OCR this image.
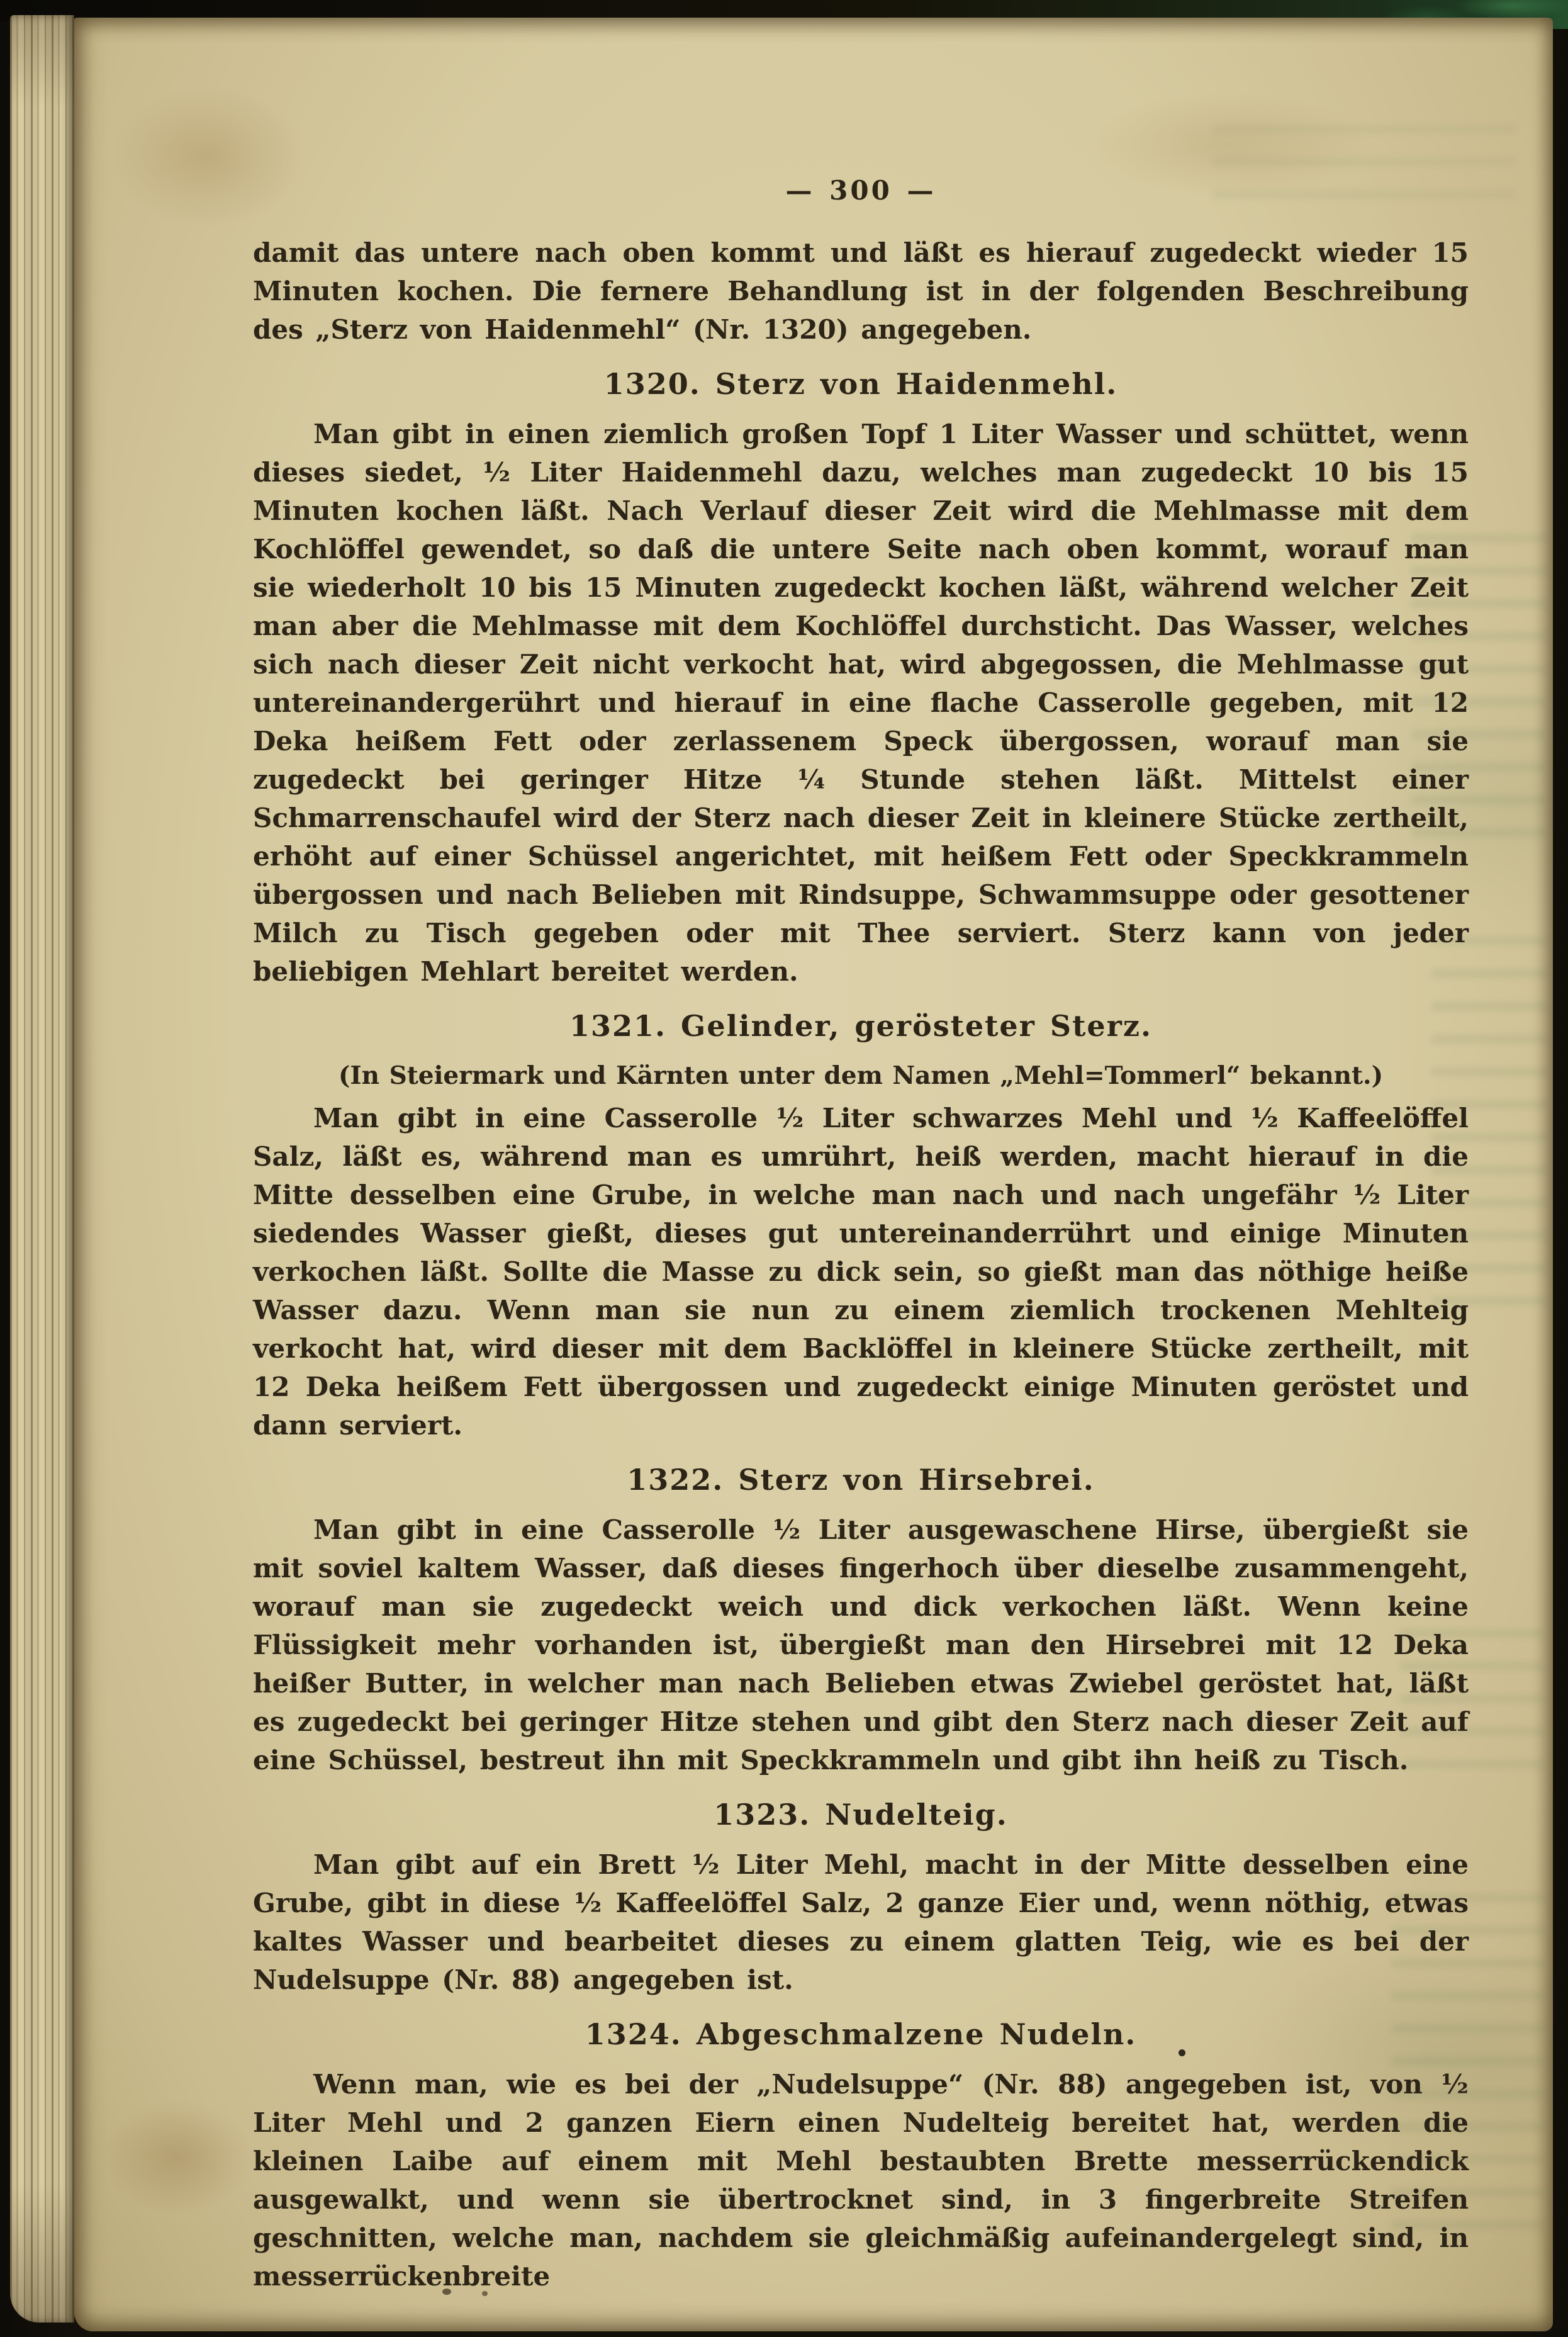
— 300 —

damit das untere nach oben kommt und läßt es hierauf zugedeckt wieder 15 Minuten kochen. Die fernere Behandlung ist in der folgenden Beschreibung des „Sterz von Haidenmehl“ (Nr. 1320) angegeben.

1320. Sterz von Haidenmehl.

Man gibt in einen ziemlich großen Topf 1 Liter Wasser und schüttet, wenn dieses siedet, ½ Liter Haidenmehl dazu, welches man zugedeckt 10 bis 15 Minuten kochen läßt. Nach Verlauf dieser Zeit wird die Mehlmasse mit dem Kochlöffel gewendet, so daß die untere Seite nach oben kommt, worauf man sie wiederholt 10 bis 15 Minuten zugedeckt kochen läßt, während welcher Zeit man aber die Mehlmasse mit dem Kochlöffel durchsticht. Das Wasser, welches sich nach dieser Zeit nicht verkocht hat, wird abgegossen, die Mehlmasse gut untereinandergerührt und hierauf in eine flache Casserolle gegeben, mit 12 Deka heißem Fett oder zerlassenem Speck übergossen, worauf man sie zugedeckt bei geringer Hitze ¼ Stunde stehen läßt. Mittelst einer Schmarrenschaufel wird der Sterz nach dieser Zeit in kleinere Stücke zertheilt, erhöht auf einer Schüssel angerichtet, mit heißem Fett oder Speckkrammeln übergossen und nach Belieben mit Rindsuppe, Schwammsuppe oder gesottener Milch zu Tisch gegeben oder mit Thee serviert. Sterz kann von jeder beliebigen Mehlart bereitet werden.

1321. Gelinder, gerösteter Sterz.

(In Steiermark und Kärnten unter dem Namen „Mehl=Tommerl“ bekannt.)

Man gibt in eine Casserolle ½ Liter schwarzes Mehl und ½ Kaffeelöffel Salz, läßt es, während man es umrührt, heiß werden, macht hierauf in die Mitte desselben eine Grube, in welche man nach und nach ungefähr ½ Liter siedendes Wasser gießt, dieses gut untereinanderrührt und einige Minuten verkochen läßt. Sollte die Masse zu dick sein, so gießt man das nöthige heiße Wasser dazu. Wenn man sie nun zu einem ziemlich trockenen Mehlteig verkocht hat, wird dieser mit dem Backlöffel in kleinere Stücke zertheilt, mit 12 Deka heißem Fett übergossen und zugedeckt einige Minuten geröstet und dann serviert.

1322. Sterz von Hirsebrei.

Man gibt in eine Casserolle ½ Liter ausgewaschene Hirse, übergießt sie mit soviel kaltem Wasser, daß dieses fingerhoch über dieselbe zusammengeht, worauf man sie zugedeckt weich und dick verkochen läßt. Wenn keine Flüssigkeit mehr vorhanden ist, übergießt man den Hirsebrei mit 12 Deka heißer Butter, in welcher man nach Belieben etwas Zwiebel geröstet hat, läßt es zugedeckt bei geringer Hitze stehen und gibt den Sterz nach dieser Zeit auf eine Schüssel, bestreut ihn mit Speckkrammeln und gibt ihn heiß zu Tisch.

1323. Nudelteig.

Man gibt auf ein Brett ½ Liter Mehl, macht in der Mitte desselben eine Grube, gibt in diese ½ Kaffeelöffel Salz, 2 ganze Eier und, wenn nöthig, etwas kaltes Wasser und bearbeitet dieses zu einem glatten Teig, wie es bei der Nudelsuppe (Nr. 88) angegeben ist.

1324. Abgeschmalzene Nudeln.

Wenn man, wie es bei der „Nudelsuppe“ (Nr. 88) angegeben ist, von ½ Liter Mehl und 2 ganzen Eiern einen Nudelteig bereitet hat, werden die kleinen Laibe auf einem mit Mehl bestaubten Brette messerrückendick ausgewalkt, und wenn sie übertrocknet sind, in 3 fingerbreite Streifen geschnitten, welche man, nachdem sie gleichmäßig aufeinandergelegt sind, in messerrückenbreite
